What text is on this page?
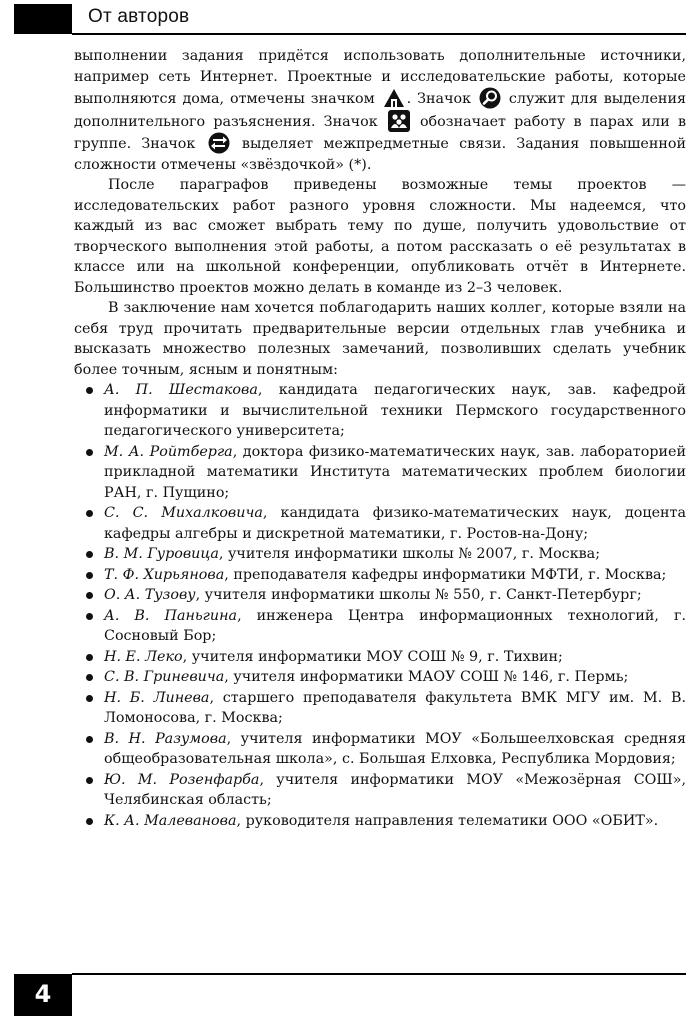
От авторов

выполнении задания придётся использовать дополнительные источники, например сеть Интернет. Проектные и исследовательские работы, которые выполняются дома, отмечены значком . Значок	служит для выделения дополнительного разъяснения. Значок	обозначает работу в парах или в группе. Значок	выделяет межпредметные связи. Задания повышенной сложности отмечены «звёздочкой» (*).

После параграфов приведены возможные темы проектов — исследовательских работ разного уровня сложности. Мы надеемся, что каждый из вас сможет выбрать тему по душе, получить удовольствие от творческого выполнения этой работы, а потом рассказать о её результатах в классе или на школьной конференции, опубликовать отчёт в Интернете. Большинство проектов можно делать в команде из 2–3 человек.

В заключение нам хочется поблагодарить наших коллег, которые взяли на себя труд прочитать предварительные версии отдельных глав учебника и высказать множество полезных замечаний, позволивших сделать учебник более точным, ясным и понятным:

А. П. Шестакова, кандидата педагогических наук, зав. кафедрой информатики и вычислительной техники Пермского государственного педагогического университета;
М. А. Ройтберга, доктора физико-математических наук, зав. лабораторией прикладной математики Института математических проблем биологии РАН, г. Пущино;
С. С. Михалковича, кандидата физико-математических наук, доцента кафедры алгебры и дискретной математики, г. Ростов-на-Дону;
В. М. Гуровица, учителя информатики школы № 2007, г. Москва;
Т. Ф. Хирьянова, преподавателя кафедры информатики МФТИ, г. Москва;
О. А. Тузову, учителя информатики школы № 550, г. Санкт-Петербург;
А. В. Паньгина, инженера Центра информационных технологий, г. Сосновый Бор;
Н. Е. Леко, учителя информатики МОУ СОШ № 9, г. Тихвин;
С. В. Гриневича, учителя информатики МАОУ СОШ № 146, г. Пермь;
Н. Б. Линева, старшего преподавателя факультета ВМК МГУ им. М. В. Ломоносова, г. Москва;
В. Н. Разумова, учителя информатики МОУ «Большеелховская средняя общеобразовательная школа», с. Большая Елховка, Республика Мордовия;
Ю. М. Розенфарба, учителя информатики МОУ «Межозёрная СОШ», Челябинская область;
К. А. Малеванова, руководителя направления телематики ООО «ОБИТ».
4
